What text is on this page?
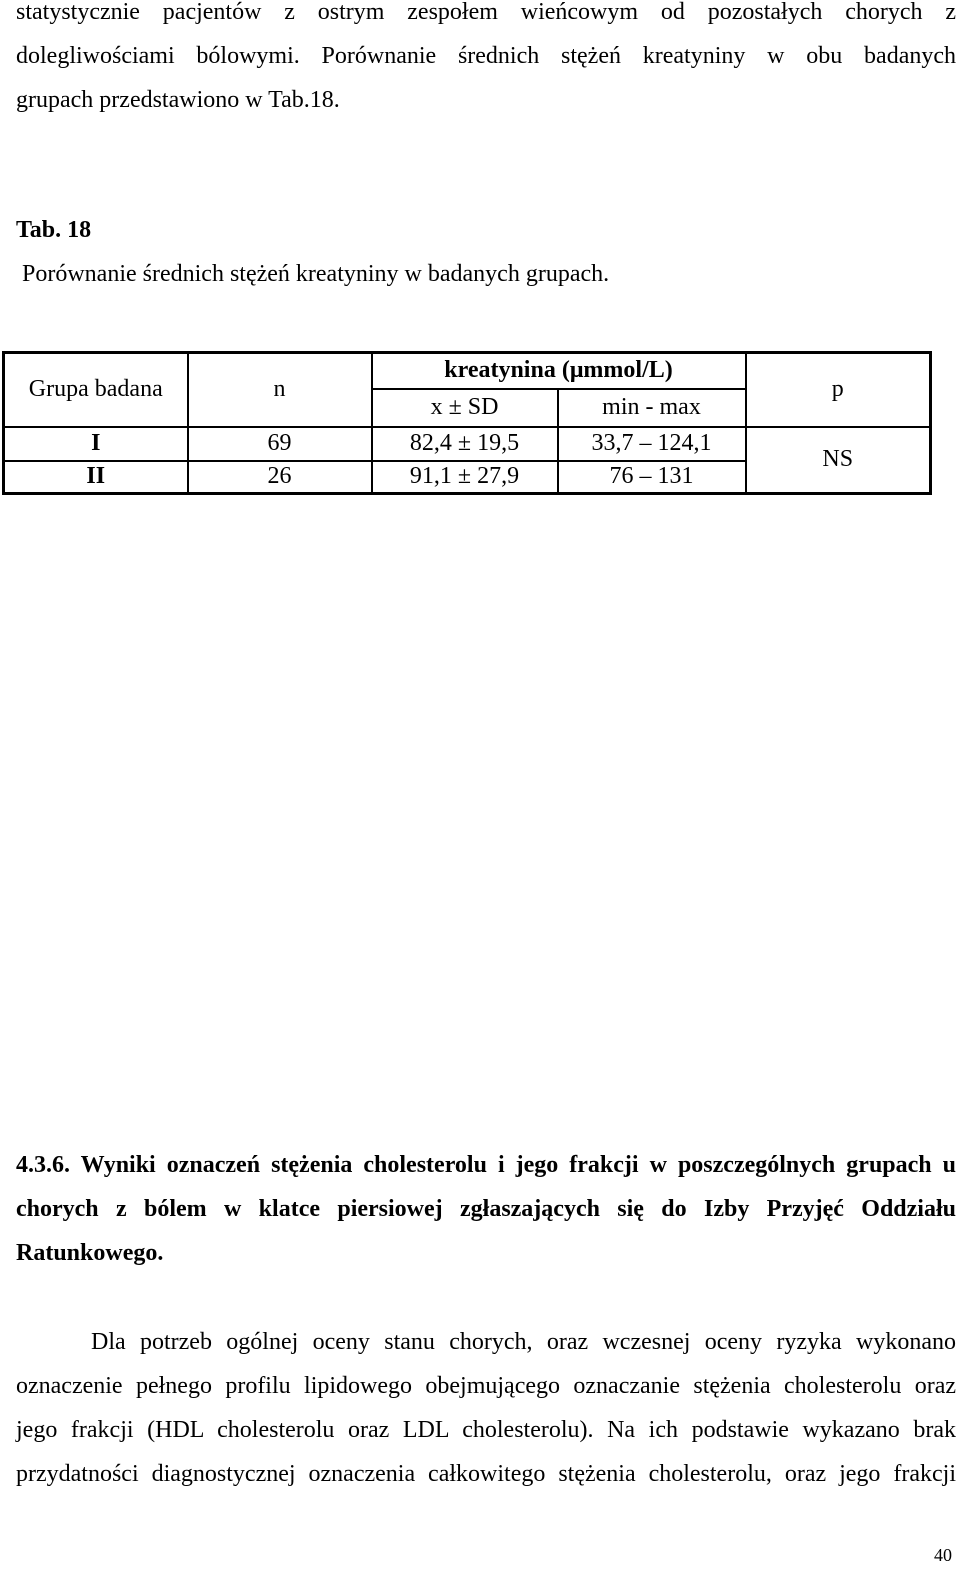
statystycznie pacjentów z ostrym zespołem wieńcowym od pozostałych chorych z
dolegliwościami bólowymi. Porównanie średnich stężeń kreatyniny w obu badanych
grupach przedstawiono w Tab.18.
Tab. 18
Porównanie średnich stężeń kreatyniny w badanych grupach.
Grupa badana	n	kreatynina (μmmol/L)		p
		x ± SD	min - max	
I	69	82,4 ± 19,5	33,7 – 124,1	NS
II	26	91,1 ± 27,9	76 – 131	
4.3.6. Wyniki oznaczeń stężenia cholesterolu i jego frakcji w poszczególnych grupach u
chorych z bólem w klatce piersiowej zgłaszających się do Izby Przyjęć Oddziału
Ratunkowego.
Dla potrzeb ogólnej oceny stanu chorych, oraz wczesnej oceny ryzyka wykonano
oznaczenie pełnego profilu lipidowego obejmującego oznaczanie stężenia cholesterolu oraz
jego frakcji (HDL cholesterolu oraz LDL cholesterolu). Na ich podstawie wykazano brak
przydatności diagnostycznej oznaczenia całkowitego stężenia cholesterolu, oraz jego frakcji
40
